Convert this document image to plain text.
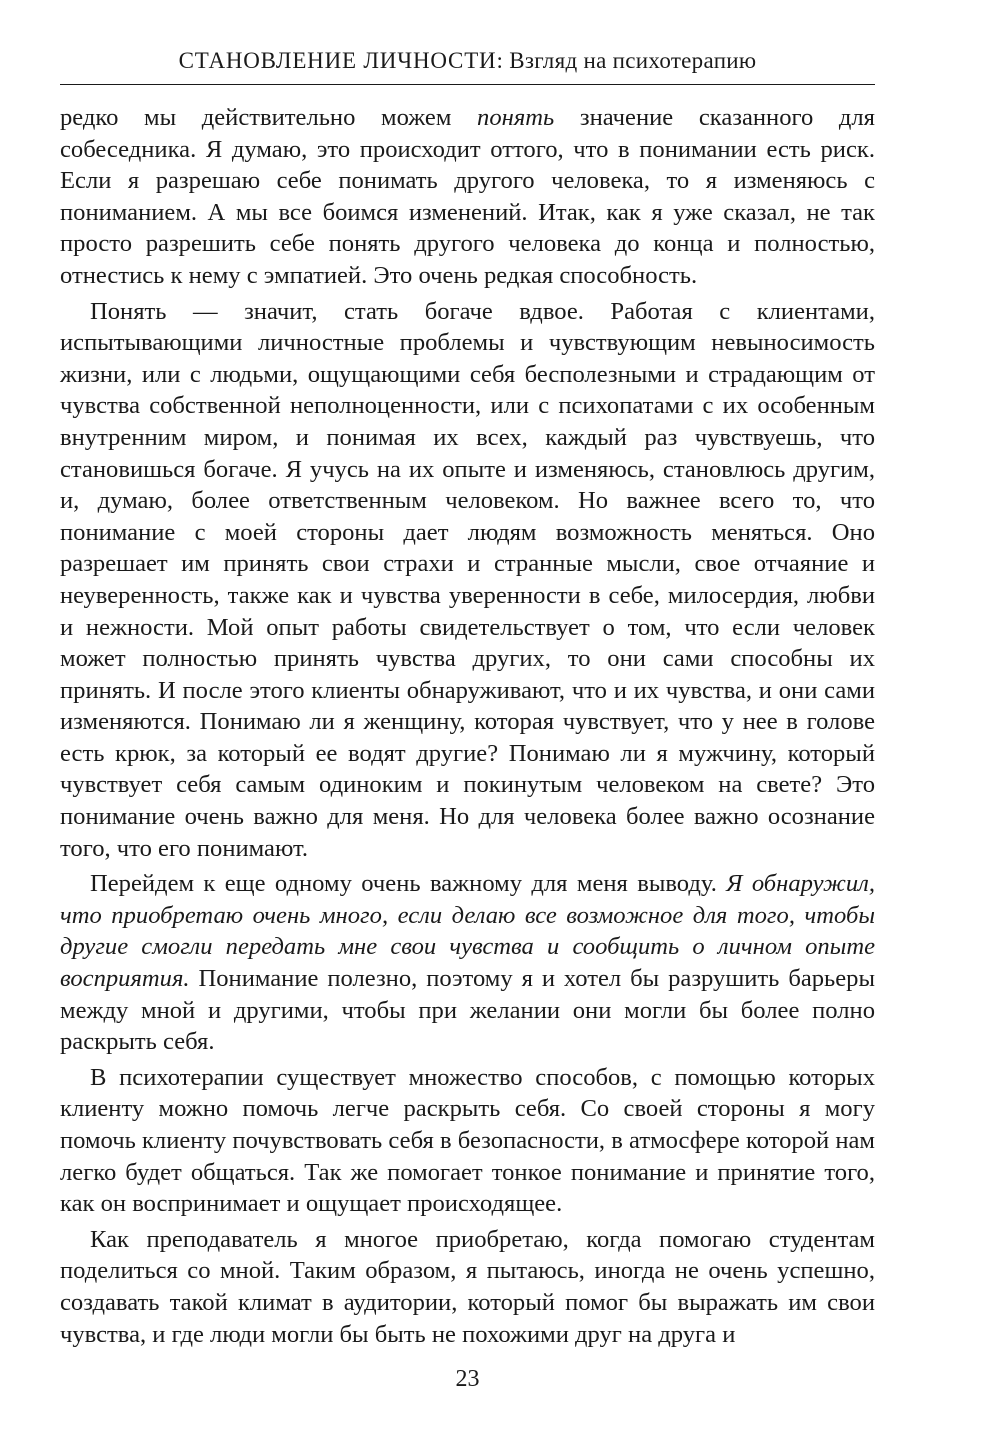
СТАНОВЛЕНИЕ ЛИЧНОСТИ: Взгляд на психотерапию

редко мы действительно можем понять значение сказанного для собеседника. Я думаю, это происходит оттого, что в понимании есть риск. Если я разрешаю себе понимать другого человека, то я изменяюсь с пониманием. А мы все боимся изменений. Итак, как я уже сказал, не так просто разрешить себе понять другого человека до конца и полностью, отнестись к нему с эмпатией. Это очень редкая способность.

Понять — значит, стать богаче вдвое. Работая с клиентами, испытывающими личностные проблемы и чувствующим невыносимость жизни, или с людьми, ощущающими себя бесполезными и страдающим от чувства собственной неполноценности, или с психопатами с их особенным внутренним миром, и понимая их всех, каждый раз чувствуешь, что становишься богаче. Я учусь на их опыте и изменяюсь, становлюсь другим, и, думаю, более ответственным человеком. Но важнее всего то, что понимание с моей стороны дает людям возможность меняться. Оно разрешает им принять свои страхи и странные мысли, свое отчаяние и неуверенность, также как и чувства уверенности в себе, милосердия, любви и нежности. Мой опыт работы свидетельствует о том, что если человек может полностью принять чувства других, то они сами способны их принять. И после этого клиенты обнаруживают, что и их чувства, и они сами изменяются. Понимаю ли я женщину, которая чувствует, что у нее в голове есть крюк, за который ее водят другие? Понимаю ли я мужчину, который чувствует себя самым одиноким и покинутым человеком на свете? Это понимание очень важно для меня. Но для человека более важно осознание того, что его понимают.

Перейдем к еще одному очень важному для меня выводу. Я обнаружил, что приобретаю очень много, если делаю все возможное для того, чтобы другие смогли передать мне свои чувства и сообщить о личном опыте восприятия. Понимание полезно, поэтому я и хотел бы разрушить барьеры между мной и другими, чтобы при желании они могли бы более полно раскрыть себя.

В психотерапии существует множество способов, с помощью которых клиенту можно помочь легче раскрыть себя. Со своей стороны я могу помочь клиенту почувствовать себя в безопасности, в атмосфере которой нам легко будет общаться. Так же помогает тонкое понимание и принятие того, как он воспринимает и ощущает происходящее.

Как преподаватель я многое приобретаю, когда помогаю студентам поделиться со мной. Таким образом, я пытаюсь, иногда не очень успешно, создавать такой климат в аудитории, который помог бы выражать им свои чувства, и где люди могли бы быть не похожими друг на друга и

23
